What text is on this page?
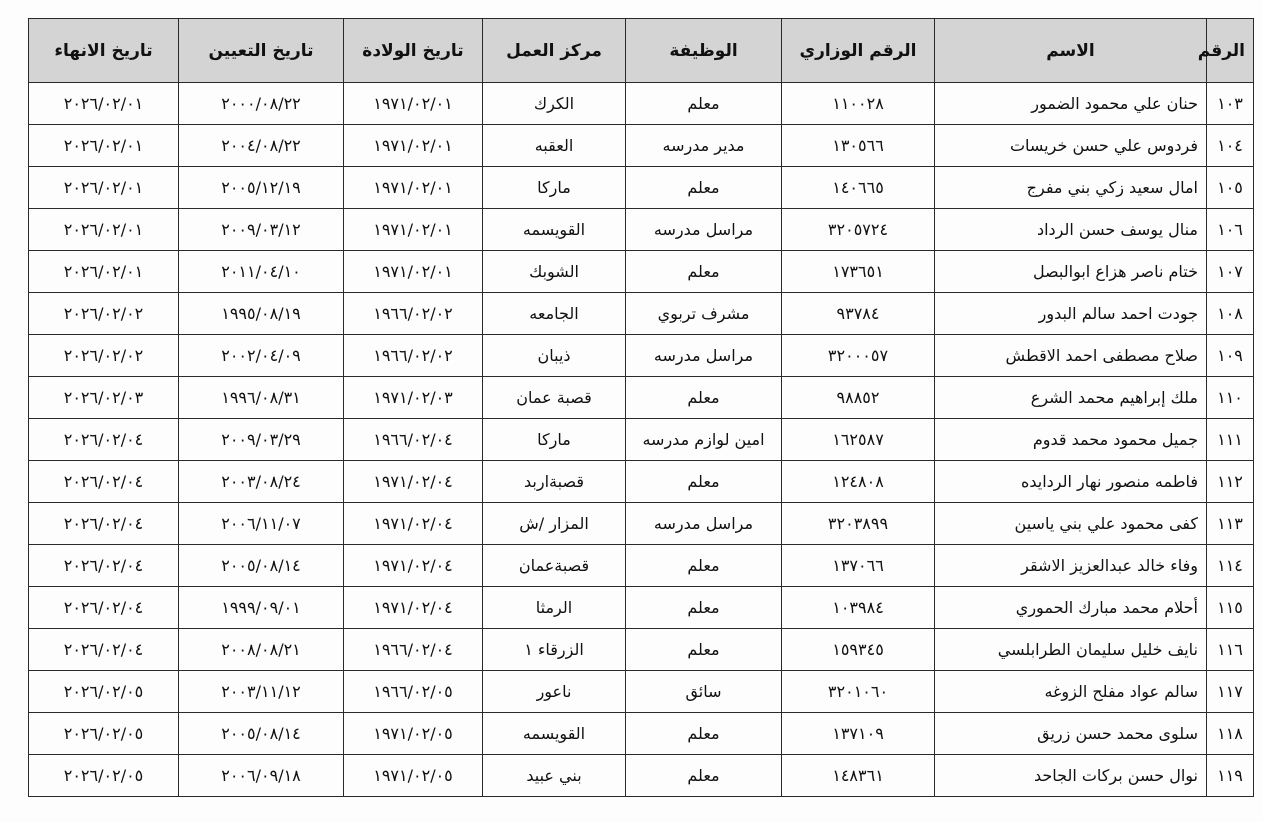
الرقم	الاسم	الرقم الوزاري	الوظيفة	مركز العمل	تاريخ الولادة	تاريخ التعيين	تاريخ الانهاء
١٠٣	حنان علي محمود الضمور	١١٠٠٢٨	معلم	الكرك	١٩٧١/٠٢/٠١	٢٠٠٠/٠٨/٢٢	٢٠٢٦/٠٢/٠١
١٠٤	فردوس علي حسن خريسات	١٣٠٥٦٦	مدير مدرسه	العقبه	١٩٧١/٠٢/٠١	٢٠٠٤/٠٨/٢٢	٢٠٢٦/٠٢/٠١
١٠٥	امال سعيد زكي بني مفرج	١٤٠٦٦٥	معلم	ماركا	١٩٧١/٠٢/٠١	٢٠٠٥/١٢/١٩	٢٠٢٦/٠٢/٠١
١٠٦	منال يوسف حسن الرداد	٣٢٠٥٧٢٤	مراسل مدرسه	القويسمه	١٩٧١/٠٢/٠١	٢٠٠٩/٠٣/١٢	٢٠٢٦/٠٢/٠١
١٠٧	ختام ناصر هزاع ابوالبصل	١٧٣٦٥١	معلم	الشوبك	١٩٧١/٠٢/٠١	٢٠١١/٠٤/١٠	٢٠٢٦/٠٢/٠١
١٠٨	جودت احمد سالم البدور	٩٣٧٨٤	مشرف تربوي	الجامعه	١٩٦٦/٠٢/٠٢	١٩٩٥/٠٨/١٩	٢٠٢٦/٠٢/٠٢
١٠٩	صلاح مصطفى احمد الاقطش	٣٢٠٠٠٥٧	مراسل مدرسه	ذيبان	١٩٦٦/٠٢/٠٢	٢٠٠٢/٠٤/٠٩	٢٠٢٦/٠٢/٠٢
١١٠	ملك إبراهيم محمد الشرع	٩٨٨٥٢	معلم	قصبة عمان	١٩٧١/٠٢/٠٣	١٩٩٦/٠٨/٣١	٢٠٢٦/٠٢/٠٣
١١١	جميل محمود محمد قدوم	١٦٢٥٨٧	امين لوازم مدرسه	ماركا	١٩٦٦/٠٢/٠٤	٢٠٠٩/٠٣/٢٩	٢٠٢٦/٠٢/٠٤
١١٢	فاطمه منصور نهار الردايده	١٢٤٨٠٨	معلم	قصبةاربد	١٩٧١/٠٢/٠٤	٢٠٠٣/٠٨/٢٤	٢٠٢٦/٠٢/٠٤
١١٣	كفى محمود علي بني ياسين	٣٢٠٣٨٩٩	مراسل مدرسه	المزار /ش	١٩٧١/٠٢/٠٤	٢٠٠٦/١١/٠٧	٢٠٢٦/٠٢/٠٤
١١٤	وفاء خالد عبدالعزيز الاشقر	١٣٧٠٦٦	معلم	قصبةعمان	١٩٧١/٠٢/٠٤	٢٠٠٥/٠٨/١٤	٢٠٢٦/٠٢/٠٤
١١٥	أحلام محمد مبارك الحموري	١٠٣٩٨٤	معلم	الرمثا	١٩٧١/٠٢/٠٤	١٩٩٩/٠٩/٠١	٢٠٢٦/٠٢/٠٤
١١٦	نايف خليل سليمان الطرابلسي	١٥٩٣٤٥	معلم	الزرقاء ١	١٩٦٦/٠٢/٠٤	٢٠٠٨/٠٨/٢١	٢٠٢٦/٠٢/٠٤
١١٧	سالم عواد مفلح الزوغه	٣٢٠١٠٦٠	سائق	ناعور	١٩٦٦/٠٢/٠٥	٢٠٠٣/١١/١٢	٢٠٢٦/٠٢/٠٥
١١٨	سلوى محمد حسن زريق	١٣٧١٠٩	معلم	القويسمه	١٩٧١/٠٢/٠٥	٢٠٠٥/٠٨/١٤	٢٠٢٦/٠٢/٠٥
١١٩	نوال حسن بركات الجاحد	١٤٨٣٦١	معلم	بني عبيد	١٩٧١/٠٢/٠٥	٢٠٠٦/٠٩/١٨	٢٠٢٦/٠٢/٠٥
